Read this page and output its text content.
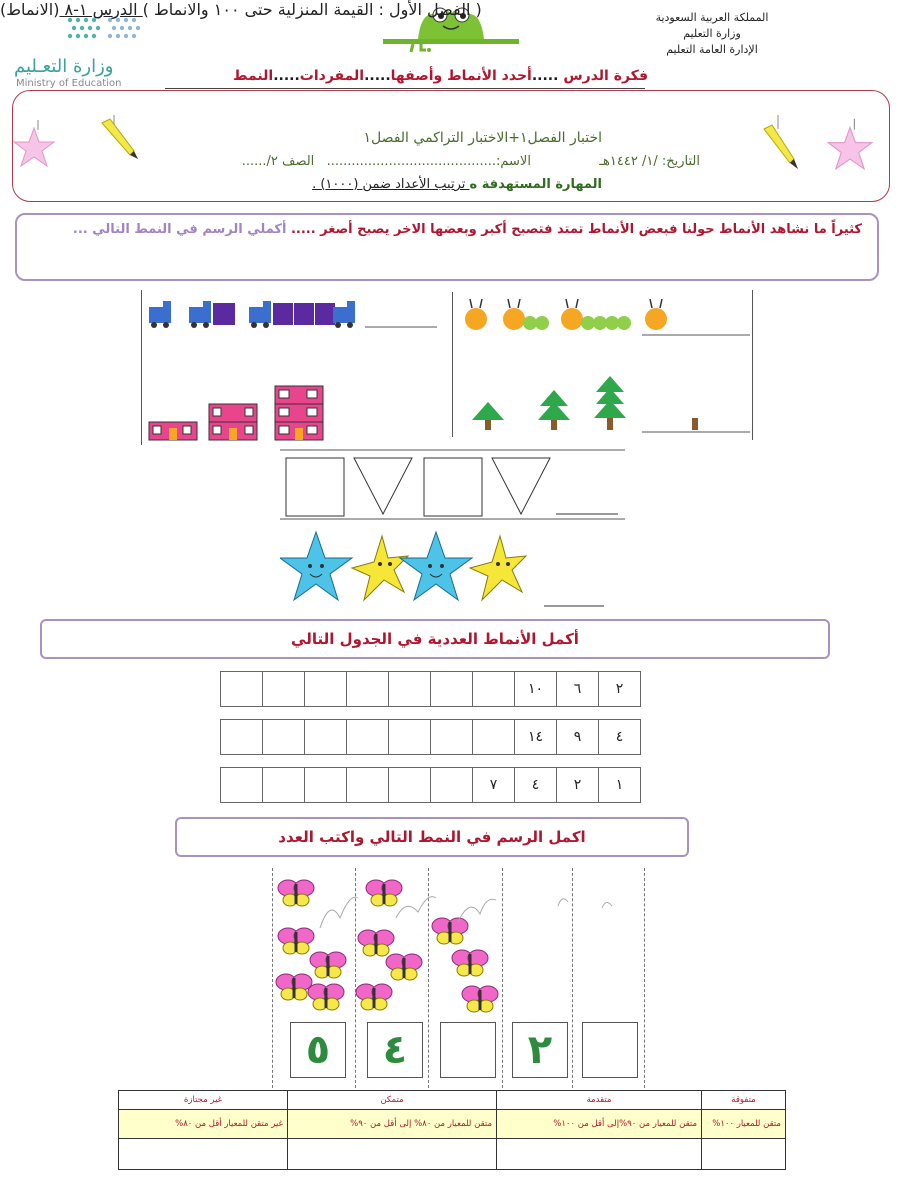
المملكة العربية السعودية
وزارة التعليم
الإدارة العامة التعليم
وزارة التعـليم
Ministry of Education	فكرة الدرس .....أحدد الأنماط وأصفها.....المفردات.....النمط
( الفصل الأول : القيمة المنزلية حتى ١٠٠ والانماط ) الدرس ١-٨ (الانماط)
اختبار الفصل١+الاختبار التراكمي الفصل١
التاريخ: /١/ ١٤٤٢هـ  الاسم:.........................................  الصف ٢/......
المهارة المستهدفة ه ترتيب الأعداد ضمن (١٠٠٠) .
كثيراً ما نشاهد الأنماط حولنا فبعض الأنماط تمتد فتصبح أكبر وبعضها الاخر يصبح أصغر ..... أكملي الرسم في النمط التالي ...
أكمل الأنماط العددية في الجدول التالي
٢	٦	١٠							
٤	٩	١٤							
١	٢	٤	٧						
اكمل الرسم في النمط التالي واكتب العدد
٥	٤	٢
غير مجتازة	متمكن	متقدمة	متفوقة
غير متقن للمعيار أقل من ٨٠%	متقن للمعيار من ٨٠% إلى أقل من ٩٠%	متقن للمعيار من ٩٠%إلى أقل من ١٠٠%	متقن للمعيار ١٠٠%
